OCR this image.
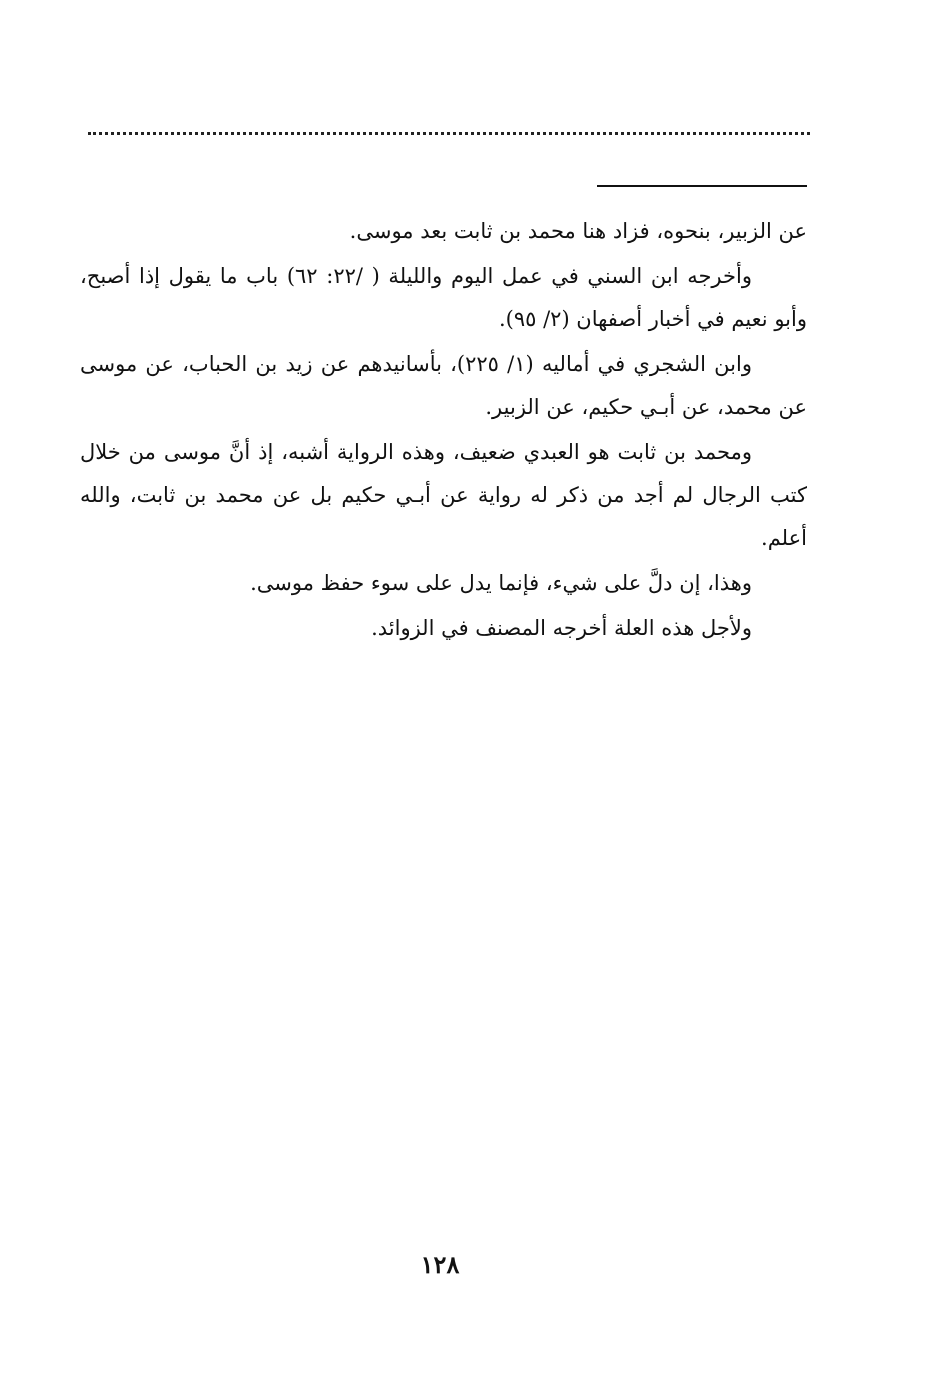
عن الزبير، بنحوه، فزاد هنا محمد بن ثابت بعد موسى.

وأخرجه ابن السني في عمل اليوم والليلة ( /٢٢: ٦٢) باب ما يقول إذا أصبح، وأبو نعيم في أخبار أصفهان (٢/ ٩٥).

وابن الشجري في أماليه (١/ ٢٢٥)، بأسانيدهم عن زيد بن الحباب، عن موسى عن محمد، عن أبـي حكيم، عن الزبير.

ومحمد بن ثابت هو العبدي ضعيف، وهذه الرواية أشبه، إذ أنَّ موسى من خلال كتب الرجال لم أجد من ذكر له رواية عن أبـي حكيم بل عن محمد بن ثابت، والله أعلم.

وهذا، إن دلَّ على شيء، فإنما يدل على سوء حفظ موسى.

ولأجل هذه العلة أخرجه المصنف في الزوائد.

١٢٨
